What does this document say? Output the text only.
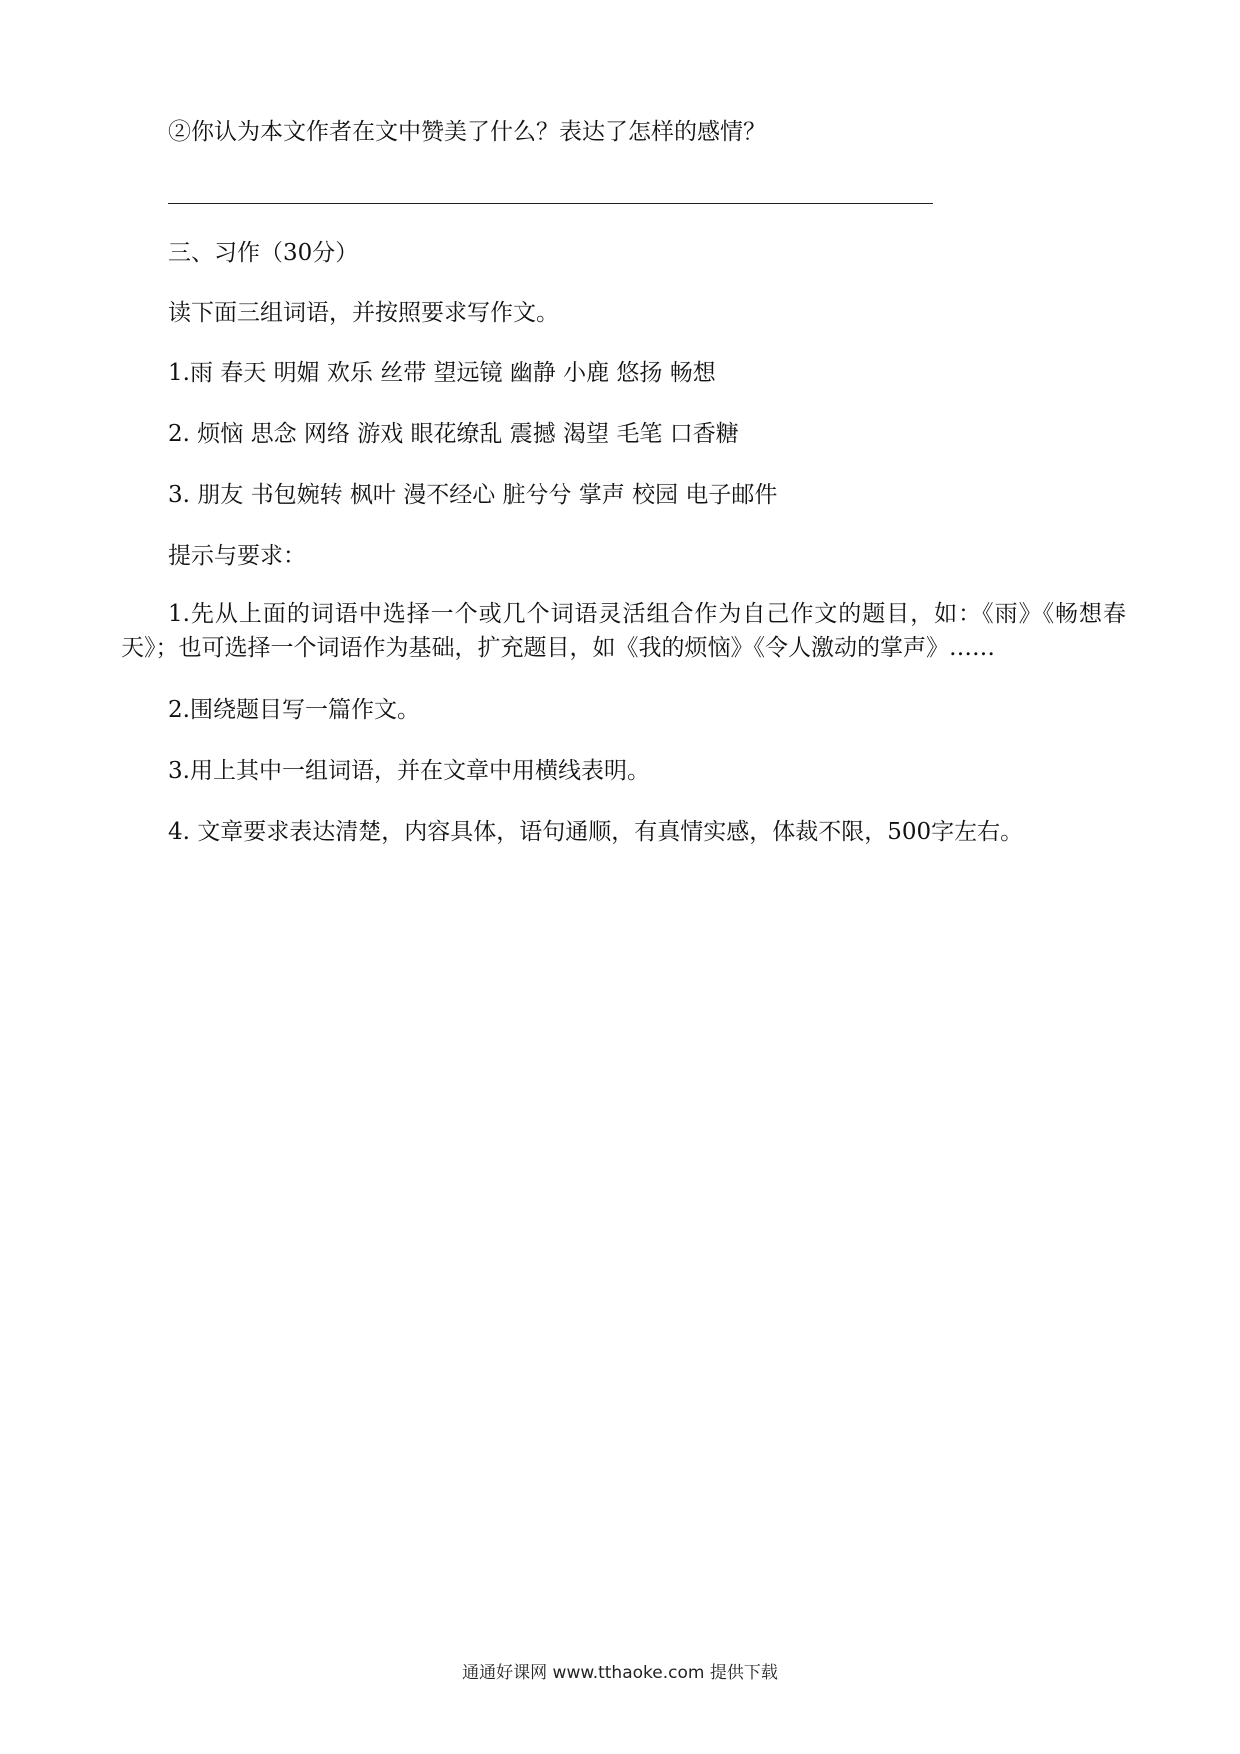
②你认为本文作者在文中赞美了什么？表达了怎样的感情？
三、习作（30分）
读下面三组词语，并按照要求写作文。
1.雨 春天 明媚 欢乐 丝带 望远镜 幽静 小鹿 悠扬 畅想
2. 烦恼 思念 网络 游戏 眼花缭乱 震撼 渴望 毛笔 口香糖
3. 朋友 书包婉转 枫叶 漫不经心 脏兮兮 掌声 校园 电子邮件
提示与要求：
1.先从上面的词语中选择一个或几个词语灵活组合作为自己作文的题目，如：《雨》《畅想春天》；也可选择一个词语作为基础，扩充题目，如《我的烦恼》《令人激动的掌声》……
2.围绕题目写一篇作文。
3.用上其中一组词语，并在文章中用横线表明。
4. 文章要求表达清楚，内容具体，语句通顺，有真情实感，体裁不限，500字左右。
通通好课网 www.tthaoke.com 提供下载
